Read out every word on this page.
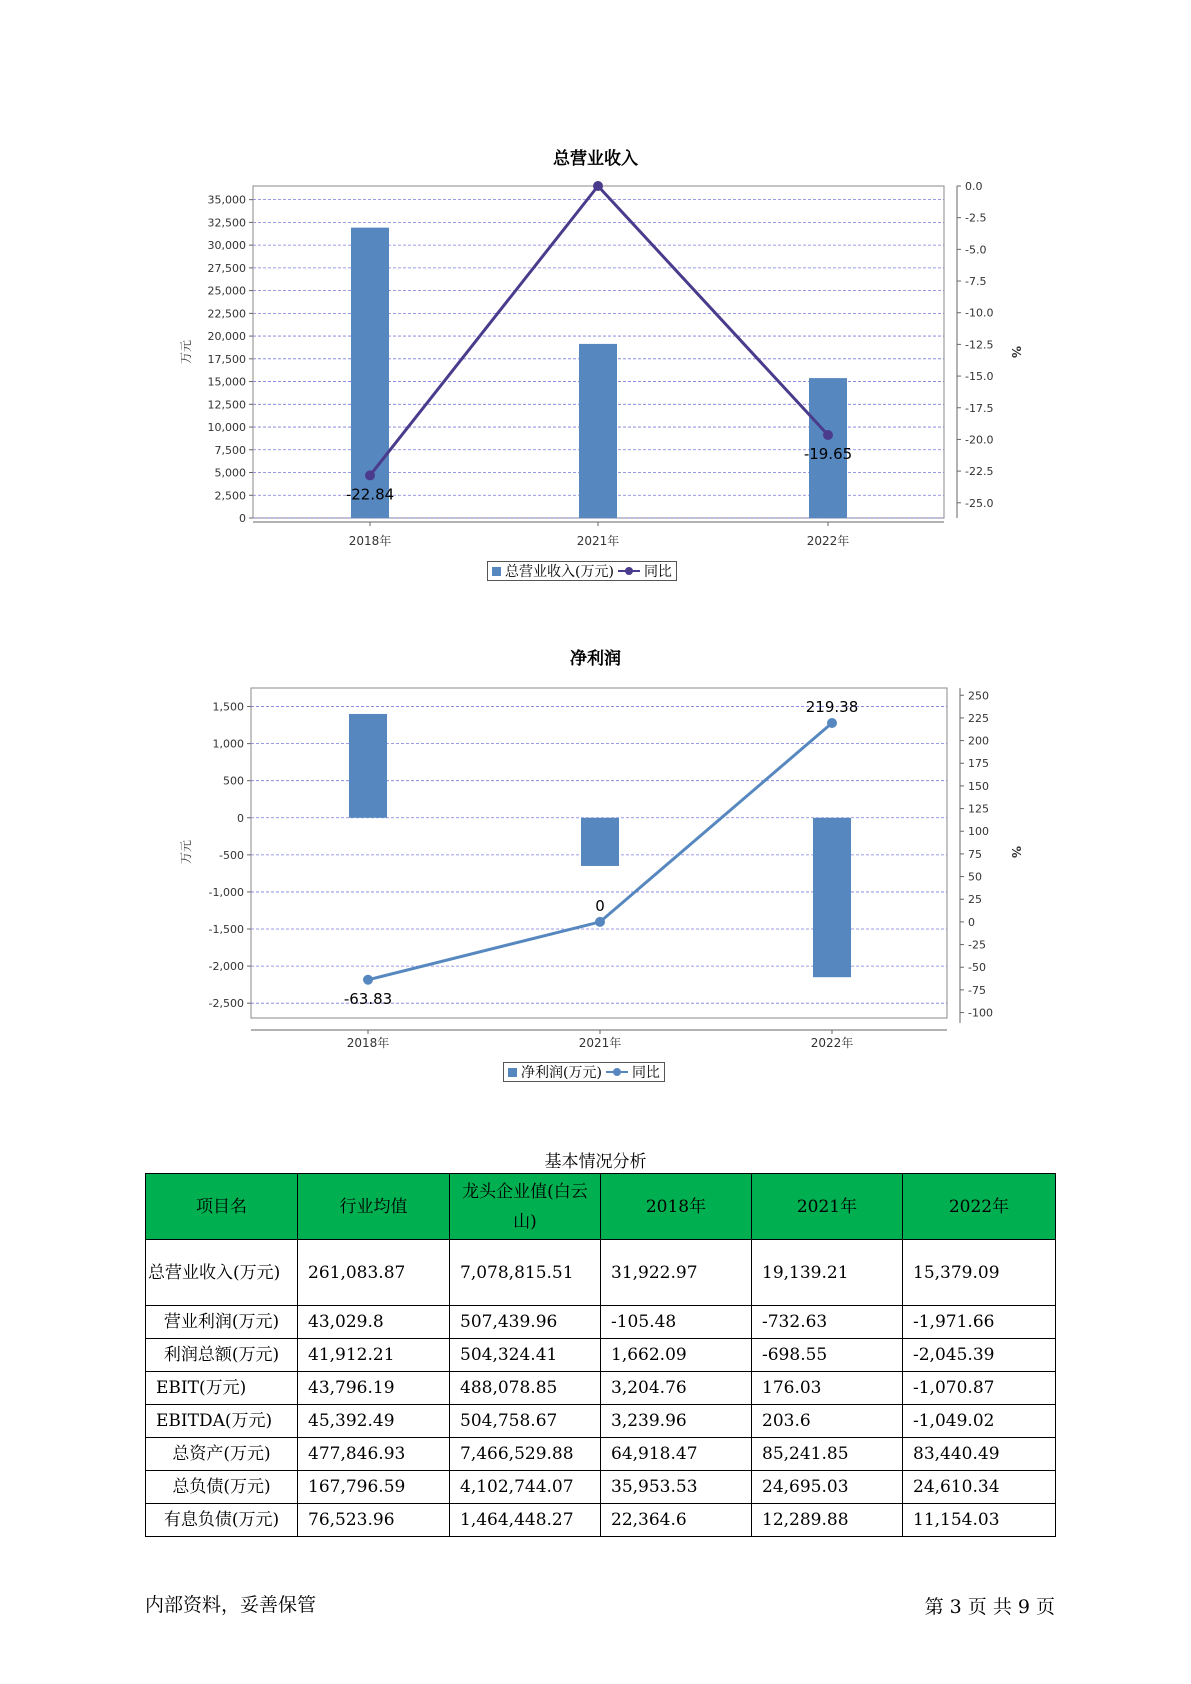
总营业收入
0
2,500
5,000
7,500
10,000
12,500
15,000
17,500
20,000
22,500
25,000
27,500
30,000
32,500
35,000
0.0
-2.5
-5.0
-7.5
-10.0
-12.5
-15.0
-17.5
-20.0
-22.5
-25.0
万元	%
2018年	2021年	2022年
-22.84
-19.65
总营业收入(万元) 同比
净利润
1,500
1,000
500
0
-500
-1,000
-1,500
-2,000
-2,500
250
225
200
175
150
125
100
75
50
25
0
-25
-50
-75
-100
万元	%
2018年	2021年	2022年
-63.83
0
219.38
净利润(万元) 同比
基本情况分析
项目名	行业均值	龙头企业值(白云山)	2018年	2021年	2022年
总营业收入(万元)	261,083.87	7,078,815.51	31,922.97	19,139.21	15,379.09
营业利润(万元)	43,029.8	507,439.96	-105.48	-732.63	-1,971.66
利润总额(万元)	41,912.21	504,324.41	1,662.09	-698.55	-2,045.39
EBIT(万元)	43,796.19	488,078.85	3,204.76	176.03	-1,070.87
EBITDA(万元)	45,392.49	504,758.67	3,239.96	203.6	-1,049.02
总资产(万元)	477,846.93	7,466,529.88	64,918.47	85,241.85	83,440.49
总负债(万元)	167,796.59	4,102,744.07	35,953.53	24,695.03	24,610.34
有息负债(万元)	76,523.96	1,464,448.27	22,364.6	12,289.88	11,154.03
内部资料，妥善保管	第 3 页 共 9 页
